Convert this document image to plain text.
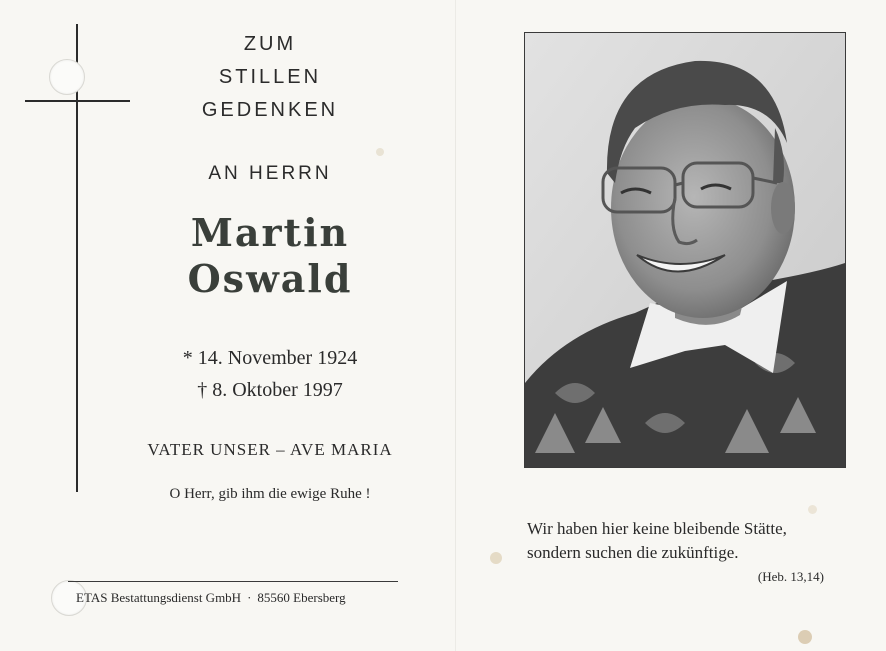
ZUM
STILLEN
GEDENKEN
AN HERRN
Martin
Oswald
* 14. November 1924
† 8. Oktober 1997
VATER UNSER – AVE MARIA
O Herr, gib ihm die ewige Ruhe !
ETAS Bestattungsdienst GmbH · 85560 Ebersberg
Wir haben hier keine bleibende Stätte,
sondern suchen die zukünftige.
(Heb. 13,14)
